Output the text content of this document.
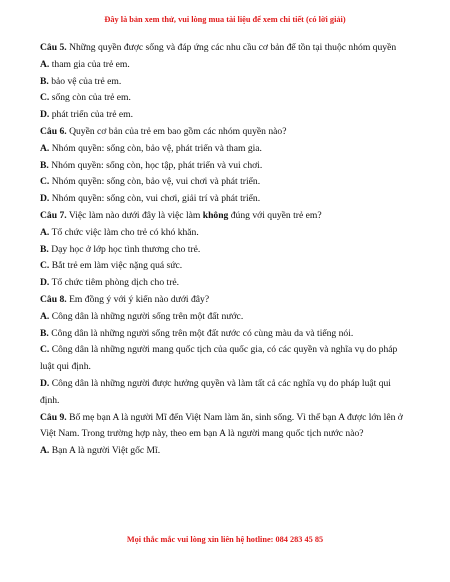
Đây là bản xem thử, vui lòng mua tài liệu để xem chi tiết (có lời giải)

Câu 5. Những quyền được sống và đáp ứng các nhu cầu cơ bản để tồn tại thuộc nhóm quyền

A. tham gia của trẻ em.

B. bảo vệ của trẻ em.

C. sống còn của trẻ em.

D. phát triển của trẻ em.

Câu 6. Quyền cơ bản của trẻ em bao gồm các nhóm quyền nào?

A. Nhóm quyền: sống còn, bảo vệ, phát triển và tham gia.

B. Nhóm quyền: sống còn, học tập, phát triển và vui chơi.

C. Nhóm quyền: sống còn, bảo vệ, vui chơi và phát triển.

D. Nhóm quyền: sống còn, vui chơi, giải trí và phát triển.

Câu 7. Việc làm nào dưới đây là việc làm không đúng với quyền trẻ em?

A. Tổ chức việc làm cho trẻ có khó khăn.

B. Dạy học ở lớp học tình thương cho trẻ.

C. Bắt trẻ em làm việc nặng quá sức.

D. Tổ chức tiêm phòng dịch cho trẻ.

Câu 8. Em đồng ý với ý kiến nào dưới đây?

A. Công dân là những người sống trên một đất nước.

B. Công dân là những người sống trên một đất nước có cùng màu da và tiếng nói.

C. Công dân là những người mang quốc tịch của quốc gia, có các quyền và nghĩa vụ do pháp luật qui định.

D. Công dân là những người được hưởng quyền và làm tất cả các nghĩa vụ do pháp luật qui định.

Câu 9. Bố mẹ bạn A là người Mĩ đến Việt Nam làm ăn, sinh sống. Vì thế bạn A được lớn lên ở Việt Nam. Trong trường hợp này, theo em bạn A là người mang quốc tịch nước nào?

A. Bạn A là người Việt gốc Mĩ.

Mọi thắc mắc vui lòng xin liên hệ hotline: 084 283 45 85
